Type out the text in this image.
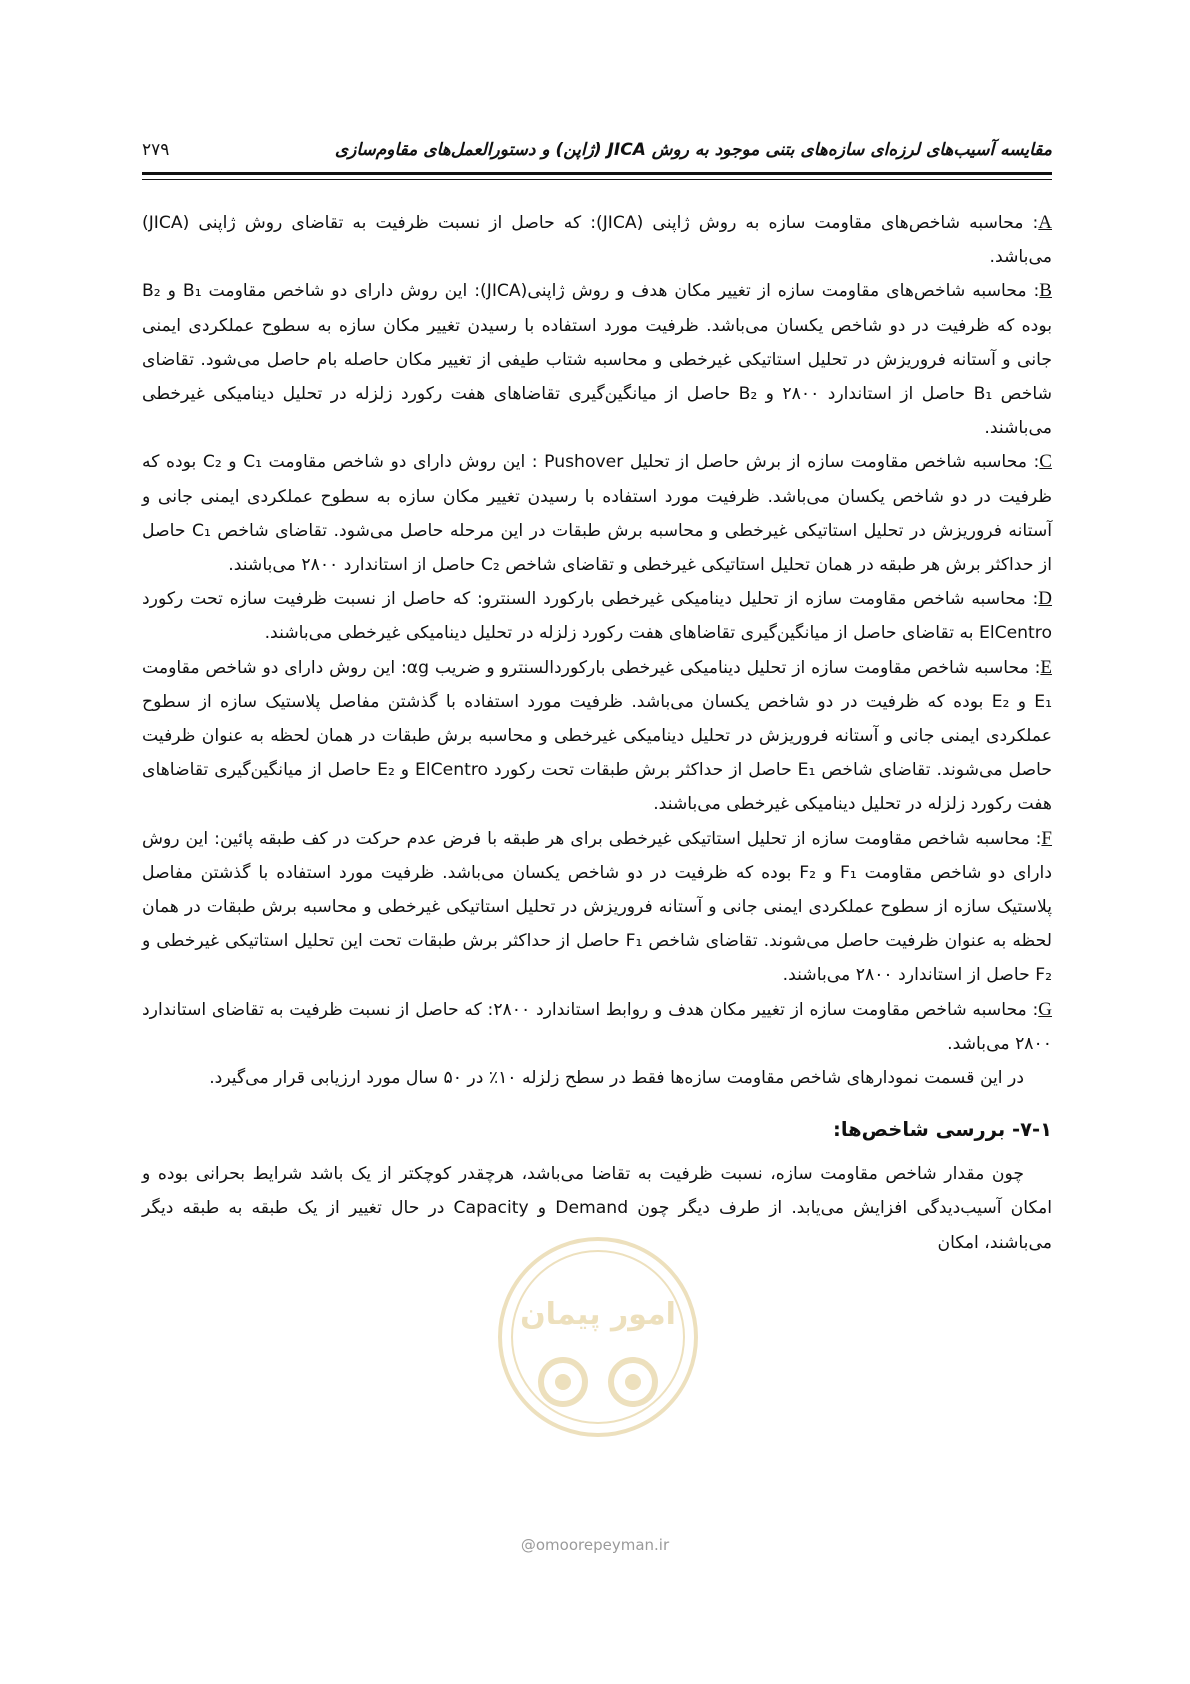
مقایسه آسیب‌های لرزه‌ای سازه‌های بتنی موجود به روش JICA (ژاپن) و دستورالعمل‌های مقاوم‌سازی
۲۷۹

A: محاسبه شاخص‌های مقاومت سازه به روش ژاپنی (JICA): که حاصل از نسبت ظرفیت به تقاضای روش ژاپنی (JICA) می‌باشد.

B: محاسبه شاخص‌های مقاومت سازه از تغییر مکان هدف و روش ژاپنی(JICA): این روش دارای دو شاخص مقاومت B₁ و B₂ بوده که ظرفیت در دو شاخص یکسان می‌باشد. ظرفیت مورد استفاده با رسیدن تغییر مکان سازه به سطوح عملکردی ایمنی جانی و آستانه فروریزش در تحلیل استاتیکی غیرخطی و محاسبه شتاب طیفی از تغییر مکان حاصله بام حاصل می‌شود. تقاضای شاخص B₁ حاصل از استاندارد ۲۸۰۰ و B₂ حاصل از میانگین‌گیری تقاضاهای هفت رکورد زلزله در تحلیل دینامیکی غیرخطی می‌باشند.

C: محاسبه شاخص مقاومت سازه از برش حاصل از تحلیل Pushover : این روش دارای دو شاخص مقاومت C₁ و C₂ بوده که ظرفیت در دو شاخص یکسان می‌باشد. ظرفیت مورد استفاده با رسیدن تغییر مکان سازه به سطوح عملکردی ایمنی جانی و آستانه فروریزش در تحلیل استاتیکی غیرخطی و محاسبه برش طبقات در این مرحله حاصل می‌شود. تقاضای شاخص C₁ حاصل از حداکثر برش هر طبقه در همان تحلیل استاتیکی غیرخطی و تقاضای شاخص C₂ حاصل از استاندارد ۲۸۰۰ می‌باشند.

D: محاسبه شاخص مقاومت سازه از تحلیل دینامیکی غیرخطی بارکورد السنترو: که حاصل از نسبت ظرفیت سازه تحت رکورد ElCentro به تقاضای حاصل از میانگین‌گیری تقاضاهای هفت رکورد زلزله در تحلیل دینامیکی غیرخطی می‌باشند.

E: محاسبه شاخص مقاومت سازه از تحلیل دینامیکی غیرخطی بارکوردالسنترو و ضریب αg: این روش دارای دو شاخص مقاومت E₁ و E₂ بوده که ظرفیت در دو شاخص یکسان می‌باشد. ظرفیت مورد استفاده با گذشتن مفاصل پلاستیک سازه از سطوح عملکردی ایمنی جانی و آستانه فروریزش در تحلیل دینامیکی غیرخطی و محاسبه برش طبقات در همان لحظه به عنوان ظرفیت حاصل می‌شوند. تقاضای شاخص E₁ حاصل از حداکثر برش طبقات تحت رکورد ElCentro و E₂ حاصل از میانگین‌گیری تقاضاهای هفت رکورد زلزله در تحلیل دینامیکی غیرخطی می‌باشند.

F: محاسبه شاخص مقاومت سازه از تحلیل استاتیکی غیرخطی برای هر طبقه با فرض عدم حرکت در کف طبقه پائین: این روش دارای دو شاخص مقاومت F₁ و F₂ بوده که ظرفیت در دو شاخص یکسان می‌باشد. ظرفیت مورد استفاده با گذشتن مفاصل پلاستیک سازه از سطوح عملکردی ایمنی جانی و آستانه فروریزش در تحلیل استاتیکی غیرخطی و محاسبه برش طبقات در همان لحظه به عنوان ظرفیت حاصل می‌شوند. تقاضای شاخص F₁ حاصل از حداکثر برش طبقات تحت این تحلیل استاتیکی غیرخطی و F₂ حاصل از استاندارد ۲۸۰۰ می‌باشند.

G: محاسبه شاخص مقاومت سازه از تغییر مکان هدف و روابط استاندارد ۲۸۰۰: که حاصل از نسبت ظرفیت به تقاضای استاندارد ۲۸۰۰ می‌باشد.

در این قسمت نمودارهای شاخص مقاومت سازه‌ها فقط در سطح زلزله ۱۰٪ در ۵۰ سال مورد ارزیابی قرار می‌گیرد.

۷-۱- بررسی شاخص‌ها:

چون مقدار شاخص مقاومت سازه، نسبت ظرفیت به تقاضا می‌باشد، هرچقدر کوچکتر از یک باشد شرایط بحرانی بوده و امکان آسیب‌دیدگی افزایش می‌یابد. از طرف دیگر چون Demand و Capacity در حال تغییر از یک طبقه به طبقه دیگر می‌باشند، امکان

امور پیمان
@omoorepeyman.ir
